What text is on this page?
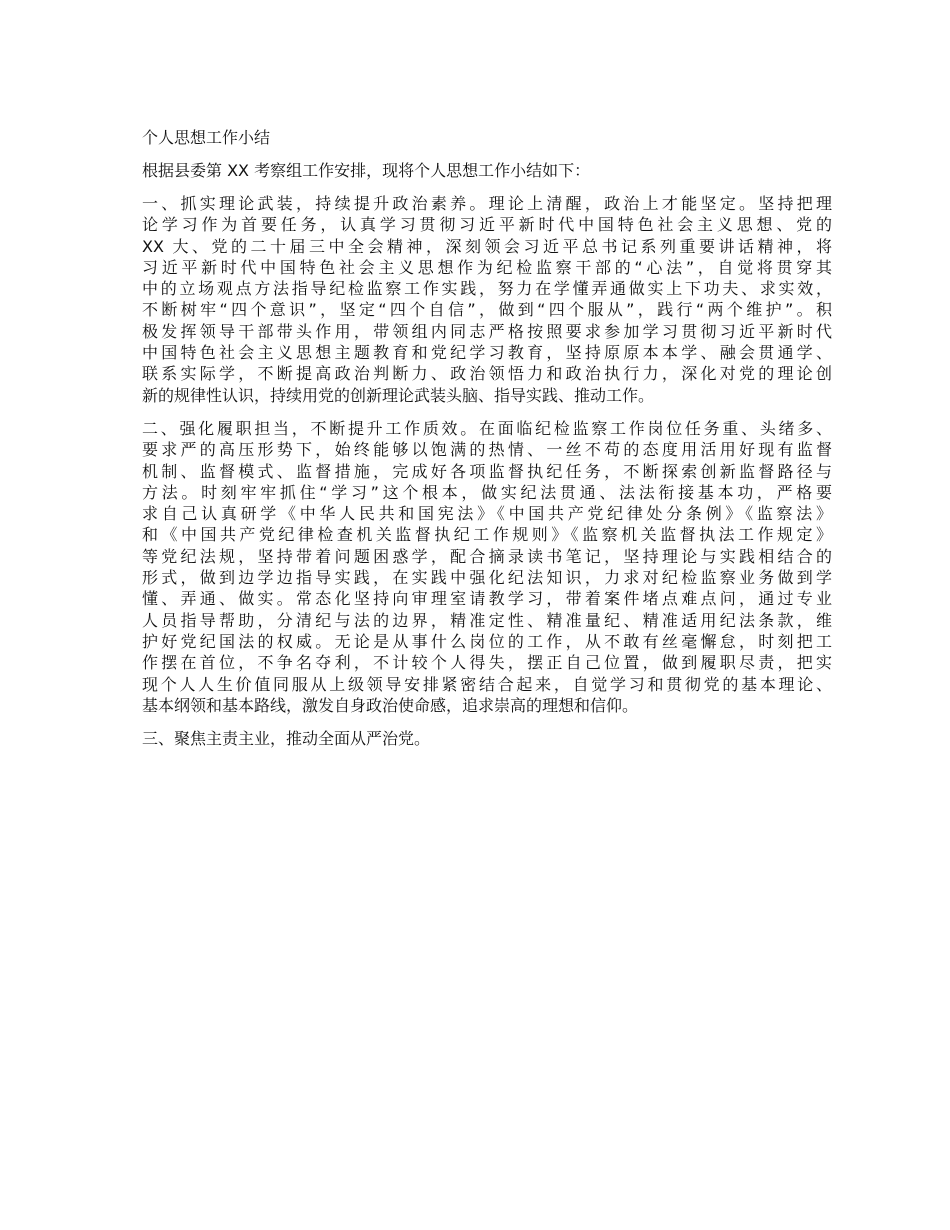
个人思想工作小结
根据县委第 XX 考察组工作安排，现将个人思想工作小结如下：
一、抓实理论武装，持续提升政治素养。理论上清醒，政治上才能坚定。坚持把理
论学习作为首要任务，认真学习贯彻习近平新时代中国特色社会主义思想、党的
XX 大、党的二十届三中全会精神，深刻领会习近平总书记系列重要讲话精神，将
习近平新时代中国特色社会主义思想作为纪检监察干部的“心法”，自觉将贯穿其
中的立场观点方法指导纪检监察工作实践，努力在学懂弄通做实上下功夫、求实效，
不断树牢“四个意识”，坚定“四个自信”，做到“四个服从”，践行“两个维护”。积
极发挥领导干部带头作用，带领组内同志严格按照要求参加学习贯彻习近平新时代
中国特色社会主义思想主题教育和党纪学习教育，坚持原原本本学、融会贯通学、
联系实际学，不断提高政治判断力、政治领悟力和政治执行力，深化对党的理论创
新的规律性认识，持续用党的创新理论武装头脑、指导实践、推动工作。
二、强化履职担当，不断提升工作质效。在面临纪检监察工作岗位任务重、头绪多、
要求严的高压形势下，始终能够以饱满的热情、一丝不苟的态度用活用好现有监督
机制、监督模式、监督措施，完成好各项监督执纪任务，不断探索创新监督路径与
方法。时刻牢牢抓住“学习”这个根本，做实纪法贯通、法法衔接基本功，严格要
求自己认真研学《中华人民共和国宪法》《中国共产党纪律处分条例》《监察法》
和《中国共产党纪律检查机关监督执纪工作规则》《监察机关监督执法工作规定》
等党纪法规，坚持带着问题困惑学，配合摘录读书笔记，坚持理论与实践相结合的
形式，做到边学边指导实践，在实践中强化纪法知识，力求对纪检监察业务做到学
懂、弄通、做实。常态化坚持向审理室请教学习，带着案件堵点难点问，通过专业
人员指导帮助，分清纪与法的边界，精准定性、精准量纪、精准适用纪法条款，维
护好党纪国法的权威。无论是从事什么岗位的工作，从不敢有丝毫懈怠，时刻把工
作摆在首位，不争名夺利，不计较个人得失，摆正自己位置，做到履职尽责，把实
现个人人生价值同服从上级领导安排紧密结合起来，自觉学习和贯彻党的基本理论、
基本纲领和基本路线，激发自身政治使命感，追求崇高的理想和信仰。
三、聚焦主责主业，推动全面从严治党。
